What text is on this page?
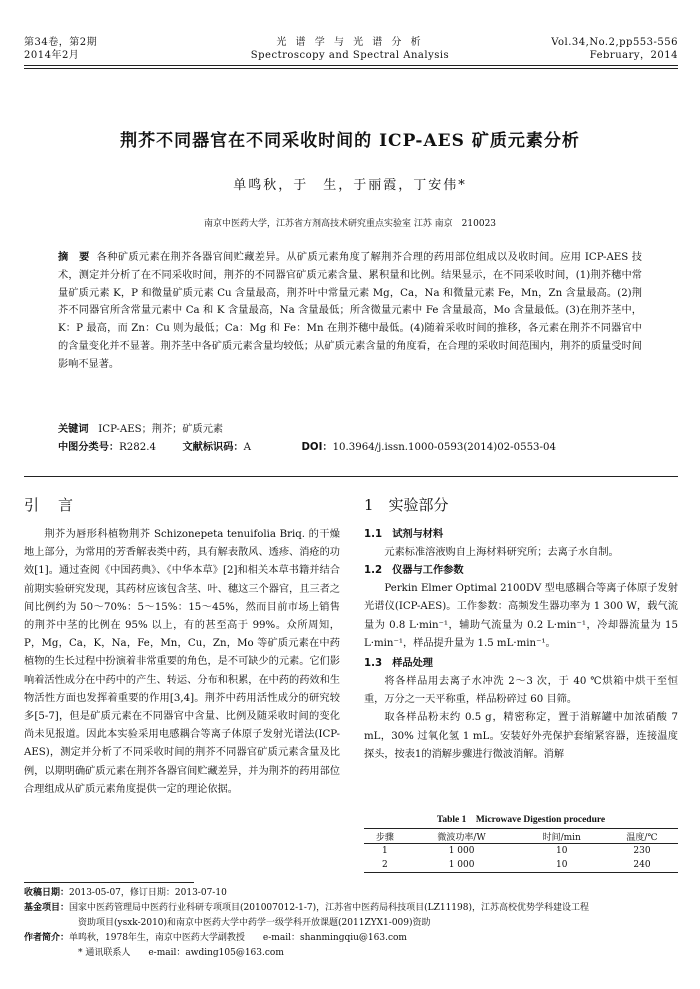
第34卷，第2期
2014年2月
光 谱 学 与 光 谱 分 析
Spectroscopy and Spectral Analysis
Vol.34,No.2,pp553-556
February，2014
荆芥不同器官在不同采收时间的 ICP-AES 矿质元素分析
单鸣秋，于　生，于丽霞，丁安伟*
南京中医药大学，江苏省方剂高技术研究重点实验室 江苏 南京　210023
摘　要 各种矿质元素在荆芥各器官间贮藏差异。从矿质元素角度了解荆芥合理的药用部位组成以及收时间。应用 ICP-AES 技术，测定并分析了在不同采收时间，荆芥的不同器官矿质元素含量、累积量和比例。结果显示，在不同采收时间，(1)荆芥穗中常量矿质元素 K，P 和微量矿质元素 Cu 含量最高，荆芥叶中常量元素 Mg，Ca，Na 和微量元素 Fe，Mn，Zn 含量最高。(2)荆芥不同器官所含常量元素中 Ca 和 K 含量最高，Na 含量最低；所含微量元素中 Fe 含量最高，Mo 含量最低。(3)在荆芥茎中，K：P 最高，而 Zn：Cu 则为最低；Ca：Mg 和 Fe：Mn 在荆芥穗中最低。(4)随着采收时间的推移，各元素在荆芥不同器官中的含量变化并不显著。荆芥茎中各矿质元素含量均较低；从矿质元素含量的角度看，在合理的采收时间范围内，荆芥的质量受时间影响不显著。
关键词 ICP-AES；荆芥；矿质元素
中图分类号：R282.4	文献标识码：A	DOI：10.3964/j.issn.1000-0593(2014)02-0553-04
引　言
荆芥为唇形科植物荆芥 Schizonepeta tenuifolia Briq. 的干燥地上部分，为常用的芳香解表类中药，具有解表散风、透疹、消疮的功效[1]。通过查阅《中国药典》、《中华本草》[2]和相关本草书籍并结合前期实验研究发现，其药材应该包含茎、叶、穗这三个器官，且三者之间比例约为 50～70%：5～15%：15～45%，然而目前市场上销售的荆芥中茎的比例在 95% 以上，有的甚至高于 99%。众所周知，P，Mg，Ca，K，Na，Fe，Mn，Cu，Zn，Mo 等矿质元素在中药植物的生长过程中扮演着非常重要的角色，是不可缺少的元素。它们影响着活性成分在中药中的产生、转运、分布和积累，在中药的药效和生物活性方面也发挥着重要的作用[3,4]。荆芥中药用活性成分的研究较多[5-7]，但是矿质元素在不同器官中含量、比例及随采收时间的变化尚未见报道。因此本实验采用电感耦合等离子体原子发射光谱法(ICP-AES)，测定并分析了不同采收时间的荆芥不同器官矿质元素含量及比例，以期明确矿质元素在荆芥各器官间贮藏差异，并为荆芥的药用部位合理组成从矿质元素角度提供一定的理论依据。
1　实验部分
1.1　试剂与材料
元素标准溶液购自上海材料研究所；去离子水自制。
1.2　仪器与工作参数
Perkin Elmer Optimal 2100DV 型电感耦合等离子体原子发射光谱仪(ICP-AES)。工作参数：高频发生器功率为 1 300 W，载气流量为 0.8 L·min⁻¹，辅助气流量为 0.2 L·min⁻¹，冷却器流量为 15 L·min⁻¹，样品提升量为 1.5 mL·min⁻¹。
1.3　样品处理
将各样品用去离子水冲洗 2～3 次，于 40 ℃烘箱中烘干至恒重，万分之一天平称重，样品粉碎过 60 目筛。
取各样品粉末约 0.5 g，精密称定，置于消解罐中加浓硝酸 7 mL，30% 过氧化氢 1 mL。安装好外壳保护套缩紧容器，连接温度探头，按表1的消解步骤进行微波消解。消解
Table 1　Microwave Digestion procedure
步骤	微波功率/W	时间/min	温度/℃
1	1 000	10	230
2	1 000	10	240
收稿日期：2013-05-07，修订日期：2013-07-10
基金项目：国家中医药管理局中医药行业科研专项项目(201007012-1-7)，江苏省中医药局科技项目(LZ11198)，江苏高校优势学科建设工程
资助项目(ysxk-2010)和南京中医药大学中药学一级学科开放课题(2011ZYX1-009)资助
作者简介：单鸣秋，1978年生，南京中医药大学副教授　　e-mail：shanmingqiu@163.com
* 通讯联系人　　e-mail：awding105@163.com
